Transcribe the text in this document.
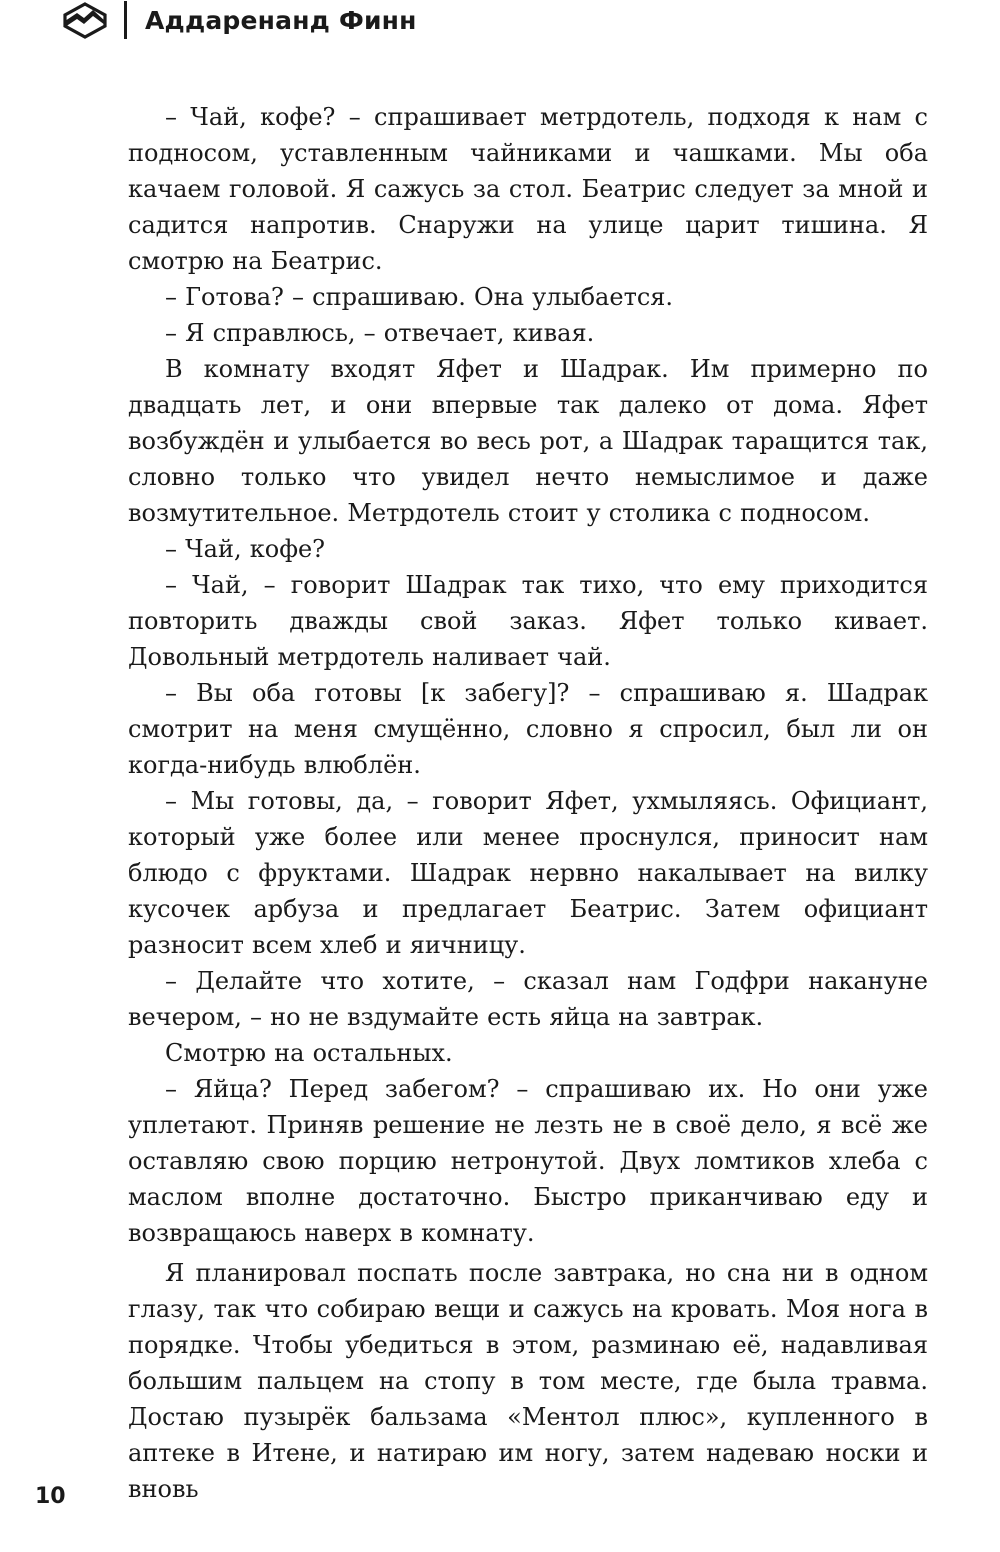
Аддаренанд Финн

– Чай, кофе? – спрашивает метрдотель, подходя к нам с подносом, уставленным чайниками и чашками. Мы оба качаем головой. Я сажусь за стол. Беатрис следует за мной и садится напротив. Снаружи на улице царит тишина. Я смотрю на Беатрис.

– Готова? – спрашиваю. Она улыбается.

– Я справлюсь, – отвечает, кивая.

В комнату входят Яфет и Шадрак. Им примерно по двадцать лет, и они впервые так далеко от дома. Яфет возбуждён и улыбается во весь рот, а Шадрак таращится так, словно только что увидел нечто немыслимое и даже возмутительное. Метрдотель стоит у столика с подносом.

– Чай, кофе?

– Чай, – говорит Шадрак так тихо, что ему приходится повторить дважды свой заказ. Яфет только кивает. Довольный метрдотель наливает чай.

– Вы оба готовы [к забегу]? – спрашиваю я. Шадрак смотрит на меня смущённо, словно я спросил, был ли он когда-нибудь влюблён.

– Мы готовы, да, – говорит Яфет, ухмыляясь. Официант, который уже более или менее проснулся, приносит нам блюдо с фруктами. Шадрак нервно накалывает на вилку кусочек арбуза и предлагает Беатрис. Затем официант разносит всем хлеб и яичницу.

– Делайте что хотите, – сказал нам Годфри накануне вечером, – но не вздумайте есть яйца на завтрак.

Смотрю на остальных.

– Яйца? Перед забегом? – спрашиваю их. Но они уже уплетают. Приняв решение не лезть не в своё дело, я всё же оставляю свою порцию нетронутой. Двух ломтиков хлеба с маслом вполне достаточно. Быстро приканчиваю еду и возвращаюсь наверх в комнату.

Я планировал поспать после завтрака, но сна ни в одном глазу, так что собираю вещи и сажусь на кровать. Моя нога в порядке. Чтобы убедиться в этом, разминаю её, надавливая большим пальцем на стопу в том месте, где была травма. Достаю пузырёк бальзама «Ментол плюс», купленного в аптеке в Итене, и натираю им ногу, затем надеваю носки и вновь

10
